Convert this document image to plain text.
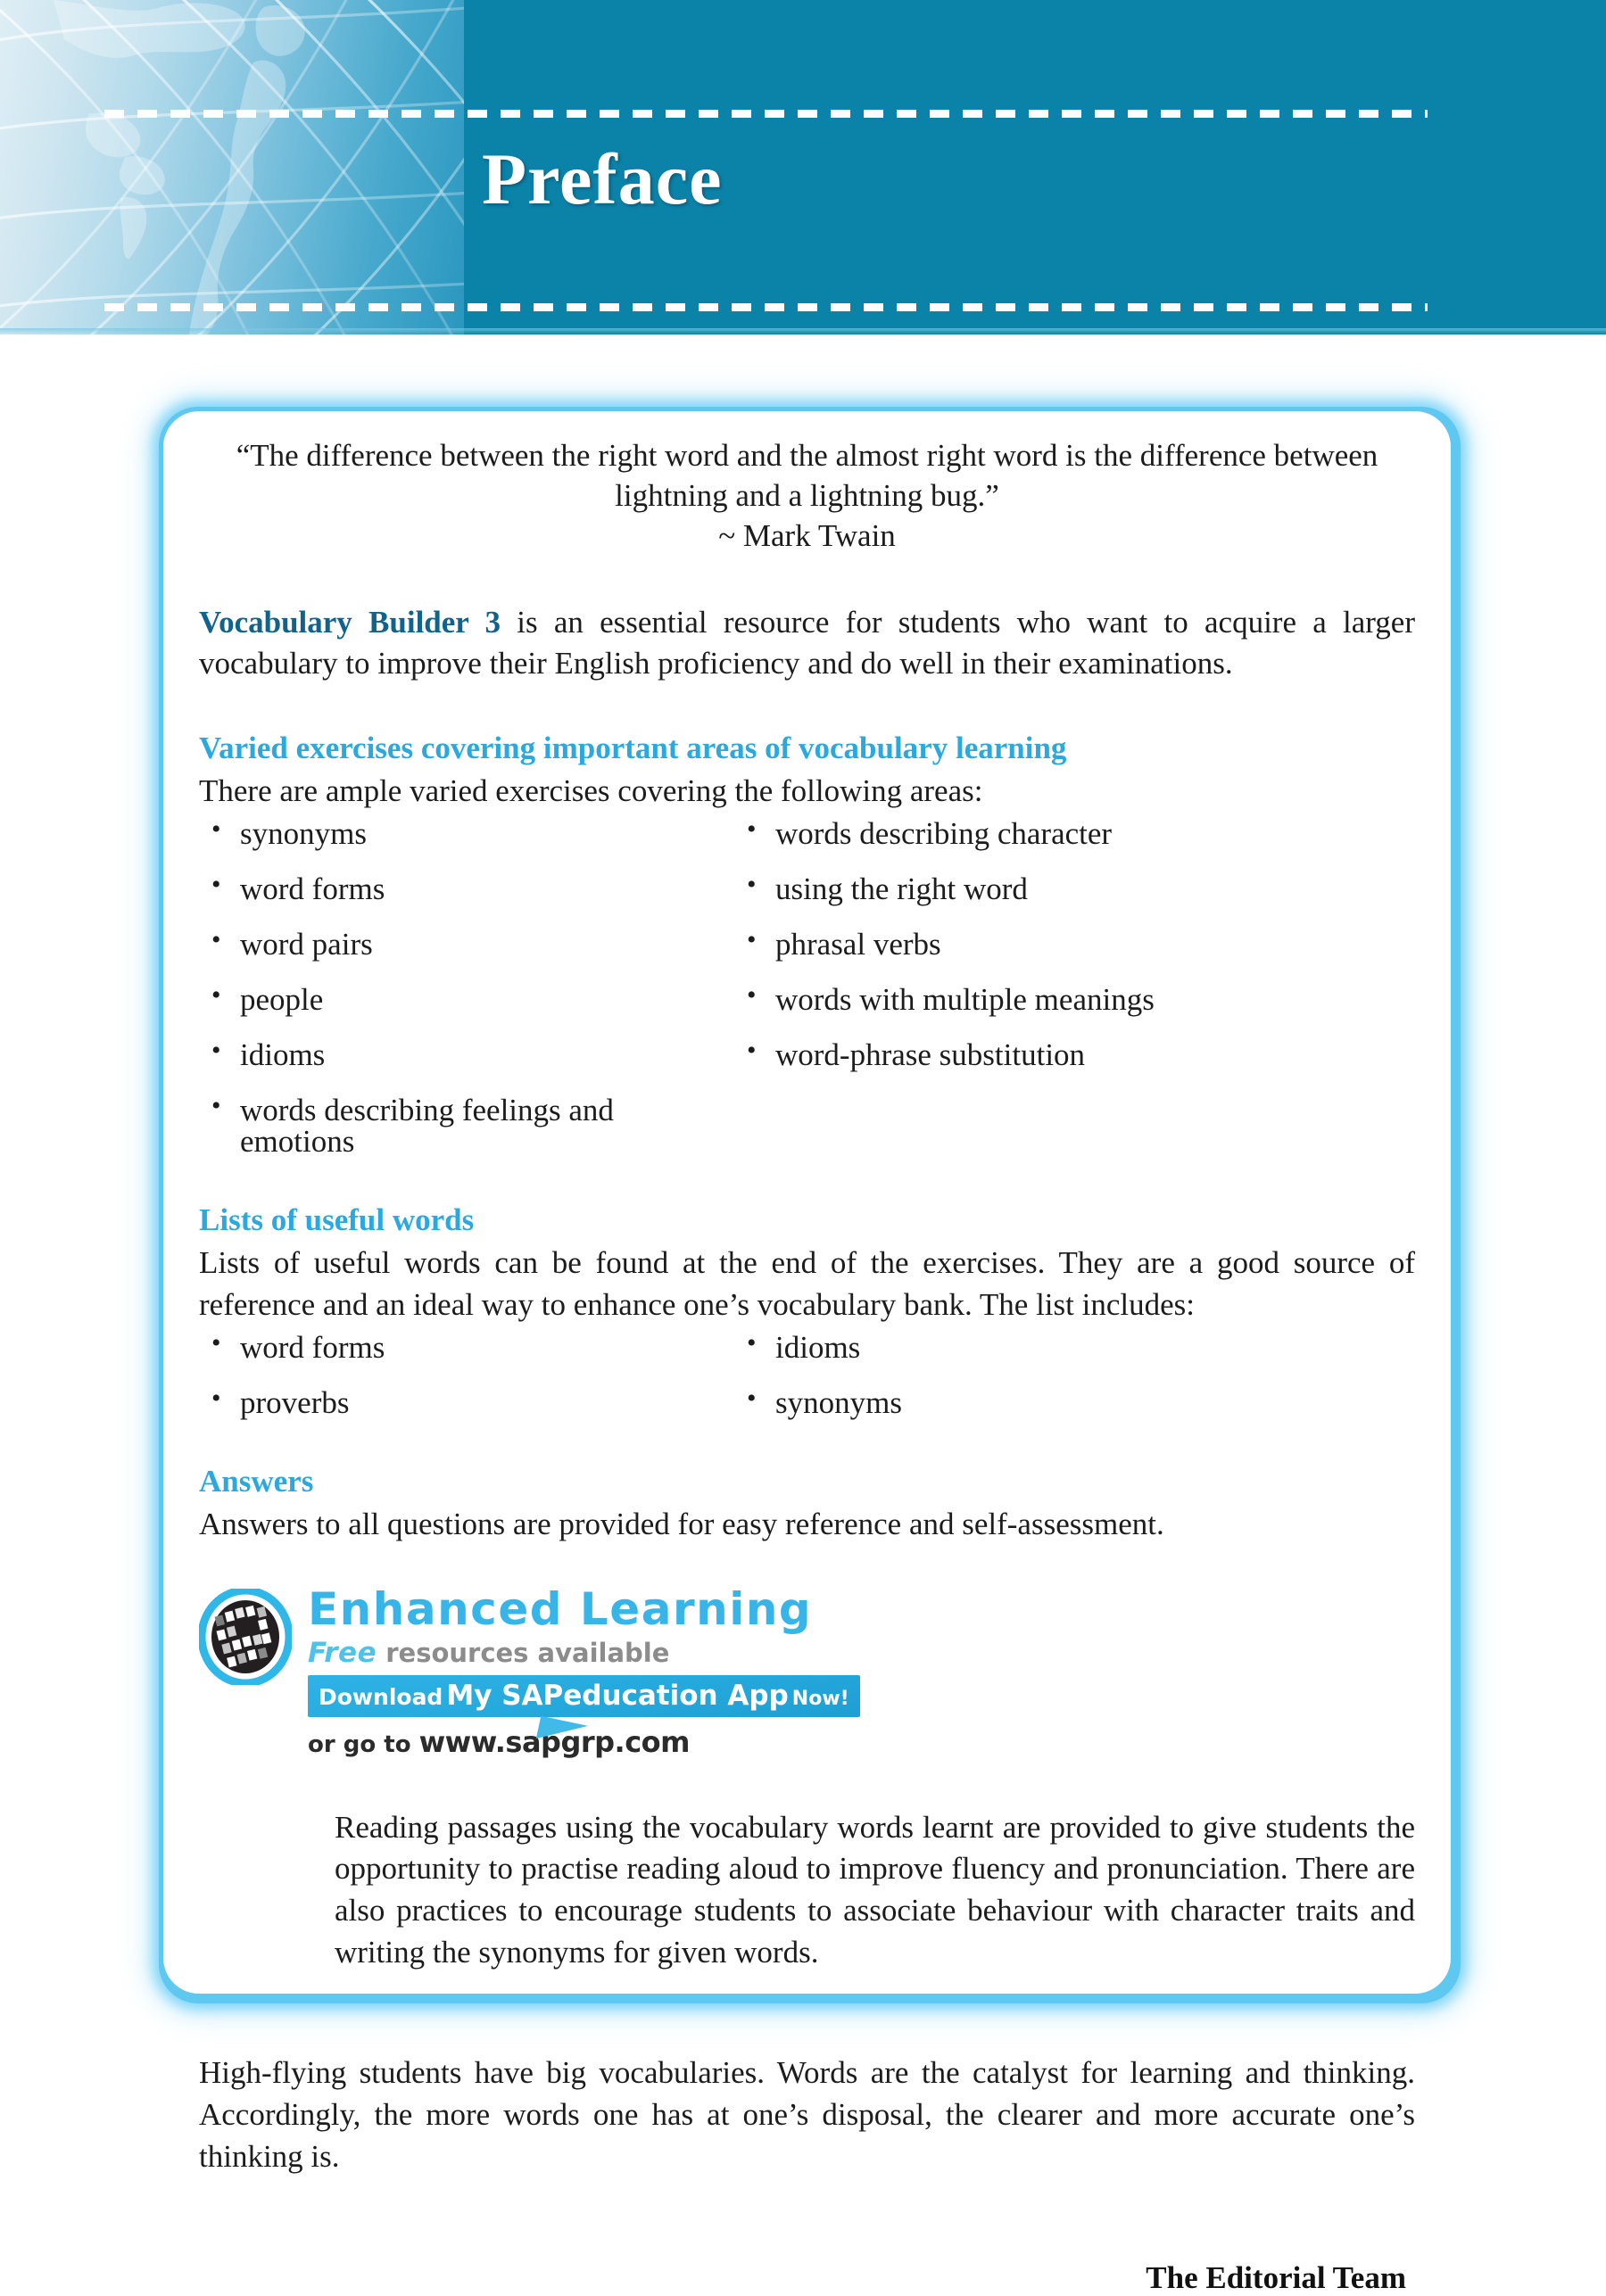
Preface

“The difference between the right word and the almost right word is the difference between

lightning and a lightning bug.”

~ Mark Twain

Vocabulary Builder 3 is an essential resource for students who want to acquire a larger vocabulary to improve their English proficiency and do well in their examinations.

Varied exercises covering important areas of vocabulary learning

There are ample varied exercises covering the following areas:

• synonyms
• word forms
• word pairs
• people
• idioms
• words describing feelings and emotions
• words describing character
• using the right word
• phrasal verbs
• words with multiple meanings
• word-phrase substitution
Lists of useful words

Lists of useful words can be found at the end of the exercises. They are a good source of reference and an ideal way to enhance one’s vocabulary bank. The list includes:

• word forms
• proverbs
• idioms
• synonyms
Answers

Answers to all questions are provided for easy reference and self-assessment.

Enhanced Learning
Free resources available
Download My SAPeducation App Now!
or go to www.sapgrp.com

Reading passages using the vocabulary words learnt are provided to give students the opportunity to practise reading aloud to improve fluency and pronunciation. There are also practices to encourage students to associate behaviour with character traits and writing the synonyms for given words.

High-flying students have big vocabularies. Words are the catalyst for learning and thinking. Accordingly, the more words one has at one’s disposal, the clearer and more accurate one’s thinking is.

The Editorial Team
